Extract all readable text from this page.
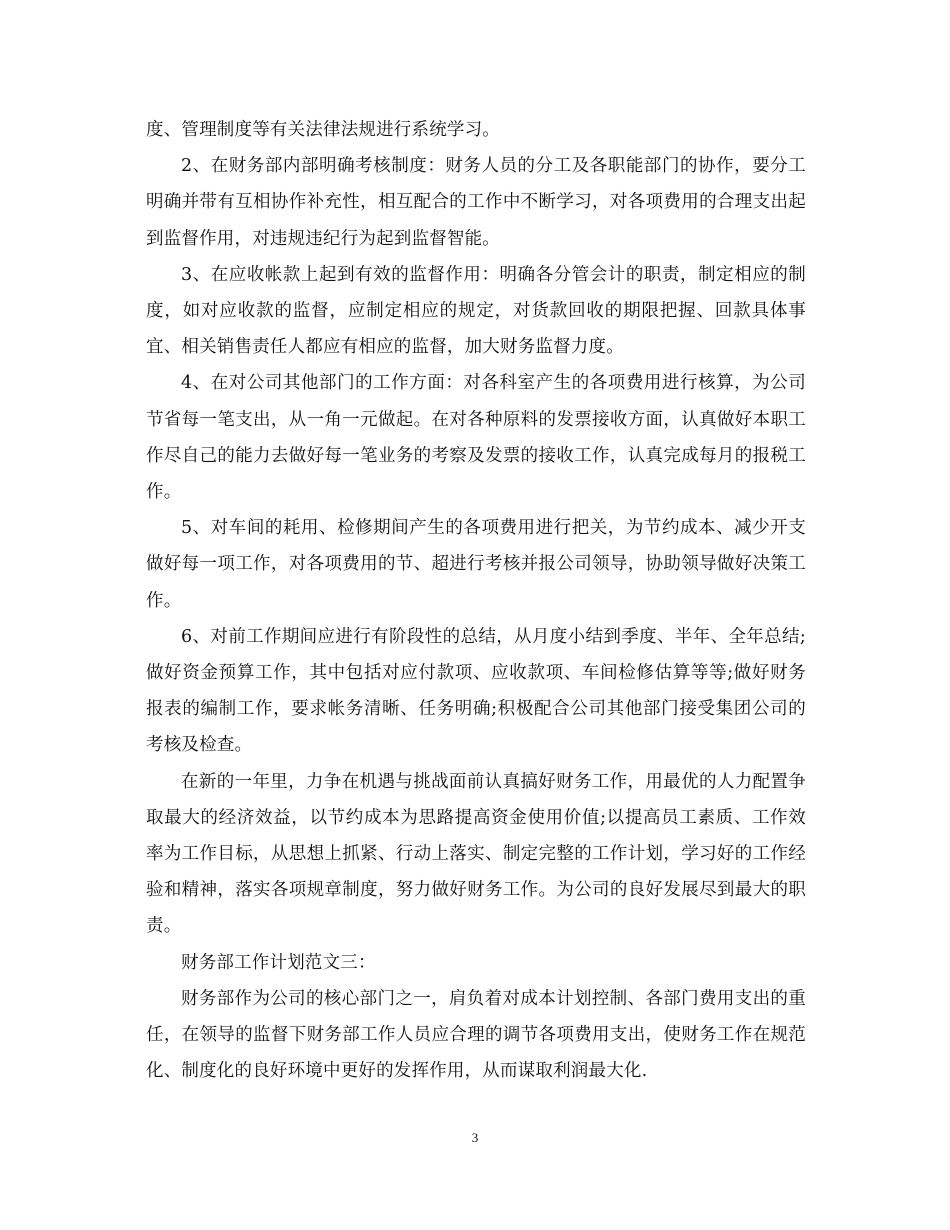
度、管理制度等有关法律法规进行系统学习。

2、在财务部内部明确考核制度：财务人员的分工及各职能部门的协作，要分工明确并带有互相协作补充性，相互配合的工作中不断学习，对各项费用的合理支出起到监督作用，对违规违纪行为起到监督智能。

3、在应收帐款上起到有效的监督作用：明确各分管会计的职责，制定相应的制度，如对应收款的监督，应制定相应的规定，对货款回收的期限把握、回款具体事宜、相关销售责任人都应有相应的监督，加大财务监督力度。

4、在对公司其他部门的工作方面：对各科室产生的各项费用进行核算，为公司节省每一笔支出，从一角一元做起。在对各种原料的发票接收方面，认真做好本职工作尽自己的能力去做好每一笔业务的考察及发票的接收工作，认真完成每月的报税工作。

5、对车间的耗用、检修期间产生的各项费用进行把关，为节约成本、减少开支做好每一项工作，对各项费用的节、超进行考核并报公司领导，协助领导做好决策工作。

6、对前工作期间应进行有阶段性的总结，从月度小结到季度、半年、全年总结;做好资金预算工作，其中包括对应付款项、应收款项、车间检修估算等等;做好财务报表的编制工作，要求帐务清晰、任务明确;积极配合公司其他部门接受集团公司的考核及检查。

在新的一年里，力争在机遇与挑战面前认真搞好财务工作，用最优的人力配置争取最大的经济效益，以节约成本为思路提高资金使用价值;以提高员工素质、工作效率为工作目标，从思想上抓紧、行动上落实、制定完整的工作计划，学习好的工作经验和精神，落实各项规章制度，努力做好财务工作。为公司的良好发展尽到最大的职责。

财务部工作计划范文三：

财务部作为公司的核心部门之一，肩负着对成本计划控制、各部门费用支出的重任，在领导的监督下财务部工作人员应合理的调节各项费用支出，使财务工作在规范化、制度化的良好环境中更好的发挥作用，从而谋取利润最大化.

3
